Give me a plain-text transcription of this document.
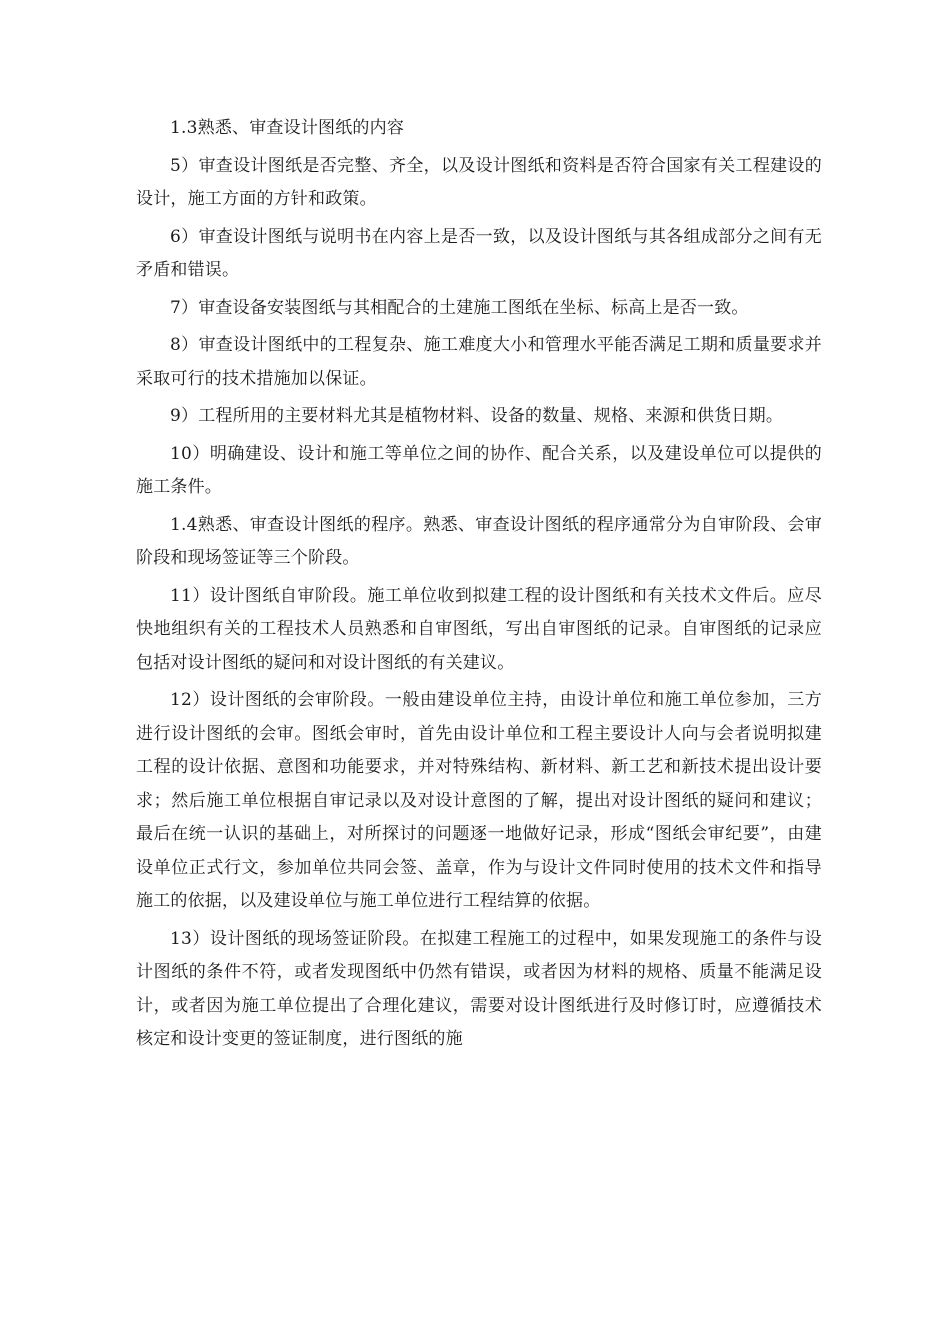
1.3熟悉、审查设计图纸的内容

5）审查设计图纸是否完整、齐全，以及设计图纸和资料是否符合国家有关工程建设的设计，施工方面的方针和政策。

6）审查设计图纸与说明书在内容上是否一致，以及设计图纸与其各组成部分之间有无矛盾和错误。

7）审查设备安装图纸与其相配合的土建施工图纸在坐标、标高上是否一致。

8）审查设计图纸中的工程复杂、施工难度大小和管理水平能否满足工期和质量要求并采取可行的技术措施加以保证。

9）工程所用的主要材料尤其是植物材料、设备的数量、规格、来源和供货日期。

10）明确建设、设计和施工等单位之间的协作、配合关系，以及建设单位可以提供的施工条件。

1.4熟悉、审查设计图纸的程序。熟悉、审查设计图纸的程序通常分为自审阶段、会审阶段和现场签证等三个阶段。

11）设计图纸自审阶段。施工单位收到拟建工程的设计图纸和有关技术文件后。应尽快地组织有关的工程技术人员熟悉和自审图纸，写出自审图纸的记录。自审图纸的记录应包括对设计图纸的疑问和对设计图纸的有关建议。

12）设计图纸的会审阶段。一般由建设单位主持，由设计单位和施工单位参加，三方进行设计图纸的会审。图纸会审时，首先由设计单位和工程主要设计人向与会者说明拟建工程的设计依据、意图和功能要求，并对特殊结构、新材料、新工艺和新技术提出设计要求；然后施工单位根据自审记录以及对设计意图的了解，提出对设计图纸的疑问和建议；最后在统一认识的基础上，对所探讨的问题逐一地做好记录，形成“图纸会审纪要”，由建设单位正式行文，参加单位共同会签、盖章，作为与设计文件同时使用的技术文件和指导施工的依据，以及建设单位与施工单位进行工程结算的依据。

13）设计图纸的现场签证阶段。在拟建工程施工的过程中，如果发现施工的条件与设计图纸的条件不符，或者发现图纸中仍然有错误，或者因为材料的规格、质量不能满足设计，或者因为施工单位提出了合理化建议，需要对设计图纸进行及时修订时，应遵循技术核定和设计变更的签证制度，进行图纸的施
